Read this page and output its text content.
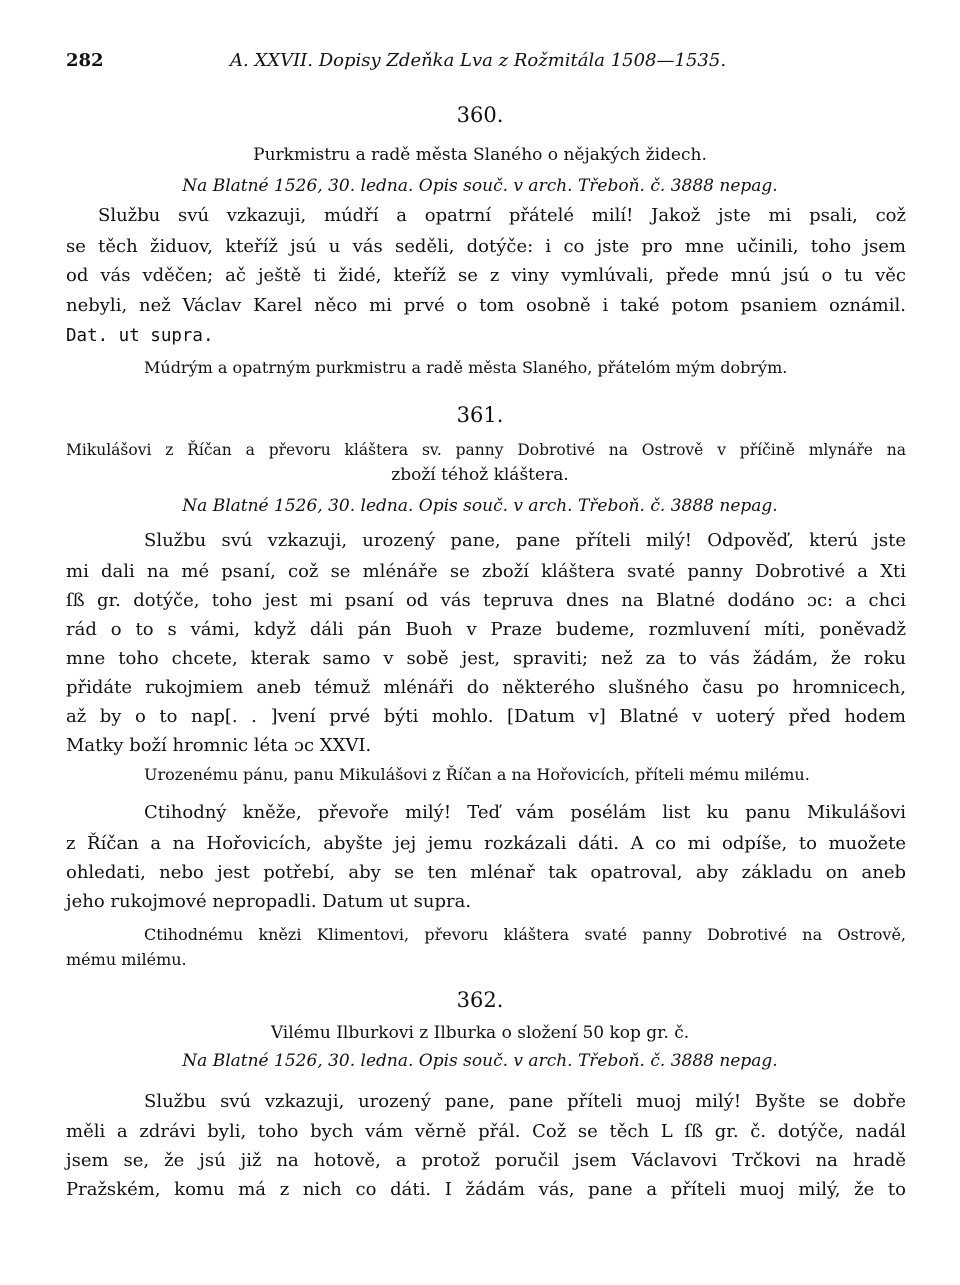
282	A. XXVII. Dopisy Zdeňka Lva z Rožmitála 1508—1535.
360.
Purkmistru a radě města Slaného o nějakých židech.
Na Blatné 1526, 30. ledna. Opis souč. v arch. Třeboň. č. 3888 nepag.
Službu svú vzkazuji, múdří a opatrní přátelé milí! Jakož jste mi psali, což
se těch židuov, kteříž jsú u vás seděli, dotýče: i co jste pro mne učinili, toho jsem
od vás vděčen; ač ještě ti židé, kteříž se z viny vymlúvali, přede mnú jsú o tu věc
nebyli, než Václav Karel něco mi prvé o tom osobně i také potom psaniem oznámil.
Dat. ut supra.
Múdrým a opatrným purkmistru a radě města Slaného, přátelóm mým dobrým.
361.
Mikulášovi z Říčan a převoru kláštera sv. panny Dobrotivé na Ostrově v příčině mlynáře na
zboží téhož kláštera.
Na Blatné 1526, 30. ledna. Opis souč. v arch. Třeboň. č. 3888 nepag.
Službu svú vzkazuji, urozený pane, pane příteli milý! Odpověď, kterú jste
mi dali na mé psaní, což se mlénáře se zboží kláštera svaté panny Dobrotivé a Xti
ſß gr. dotýče, toho jest mi psaní od vás tepruva dnes na Blatné dodáno ɔc: a chci
rád o to s vámi, když dáli pán Buoh v Praze budeme, rozmluvení míti, poněvadž
mne toho chcete, kterak samo v sobě jest, spraviti; než za to vás žádám, že roku
přidáte rukojmiem aneb témuž mlénáři do některého slušného času po hromnicech,
až by o to nap[. . ]vení prvé býti mohlo. [Datum v] Blatné v uoterý před hodem
Matky boží hromnic léta ɔc XXVI.
Urozenému pánu, panu Mikulášovi z Říčan a na Hořovicích, příteli mému milému.
Ctihodný kněže, převoře milý! Teď vám posélám list ku panu Mikulášovi
z Říčan a na Hořovicích, abyšte jej jemu rozkázali dáti. A co mi odpíše, to muožete
ohledati, nebo jest potřebí, aby se ten mlénař tak opatroval, aby základu on aneb
jeho rukojmové nepropadli. Datum ut supra.
Ctihodnému knězi Klimentovi, převoru kláštera svaté panny Dobrotivé na Ostrově,
mému milému.
362.
Vilému Ilburkovi z Ilburka o složení 50 kop gr. č.
Na Blatné 1526, 30. ledna. Opis souč. v arch. Třeboň. č. 3888 nepag.
Službu svú vzkazuji, urozený pane, pane příteli muoj milý! Byšte se dobře
měli a zdrávi byli, toho bych vám věrně přál. Což se těch L ſß gr. č. dotýče, nadál
jsem se, že jsú již na hotově, a protož poručil jsem Václavovi Trčkovi na hradě
Pražském, komu má z nich co dáti. I žádám vás, pane a příteli muoj milý, že to
